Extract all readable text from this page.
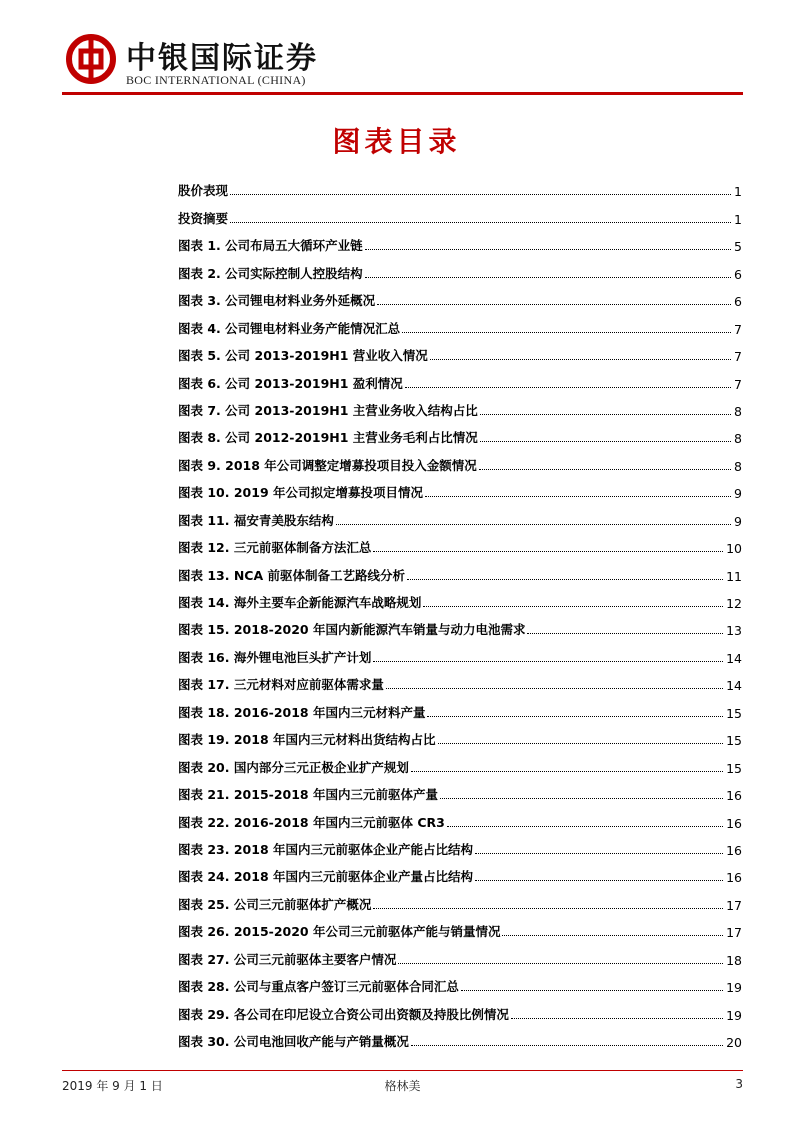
中银国际证券
BOC INTERNATIONAL (CHINA)
图表目录
股价表现	1
投资摘要	1
图表 1. 公司布局五大循环产业链	5
图表 2. 公司实际控制人控股结构	6
图表 3. 公司锂电材料业务外延概况	6
图表 4. 公司锂电材料业务产能情况汇总	7
图表 5. 公司 2013-2019H1 营业收入情况	7
图表 6. 公司 2013-2019H1 盈利情况	7
图表 7. 公司 2013-2019H1 主营业务收入结构占比	8
图表 8. 公司 2012-2019H1 主营业务毛利占比情况	8
图表 9. 2018 年公司调整定增募投项目投入金额情况	8
图表 10. 2019 年公司拟定增募投项目情况	9
图表 11. 福安青美股东结构	9
图表 12. 三元前驱体制备方法汇总	10
图表 13. NCA 前驱体制备工艺路线分析	11
图表 14. 海外主要车企新能源汽车战略规划	12
图表 15. 2018-2020 年国内新能源汽车销量与动力电池需求	13
图表 16. 海外锂电池巨头扩产计划	14
图表 17. 三元材料对应前驱体需求量	14
图表 18. 2016-2018 年国内三元材料产量	15
图表 19. 2018 年国内三元材料出货结构占比	15
图表 20. 国内部分三元正极企业扩产规划	15
图表 21. 2015-2018 年国内三元前驱体产量	16
图表 22. 2016-2018 年国内三元前驱体 CR3	16
图表 23. 2018 年国内三元前驱体企业产能占比结构	16
图表 24. 2018 年国内三元前驱体企业产量占比结构	16
图表 25. 公司三元前驱体扩产概况	17
图表 26. 2015-2020 年公司三元前驱体产能与销量情况	17
图表 27. 公司三元前驱体主要客户情况	18
图表 28. 公司与重点客户签订三元前驱体合同汇总	19
图表 29. 各公司在印尼设立合资公司出资额及持股比例情况	19
图表 30. 公司电池回收产能与产销量概况	20
2019 年 9 月 1 日	格林美	3
